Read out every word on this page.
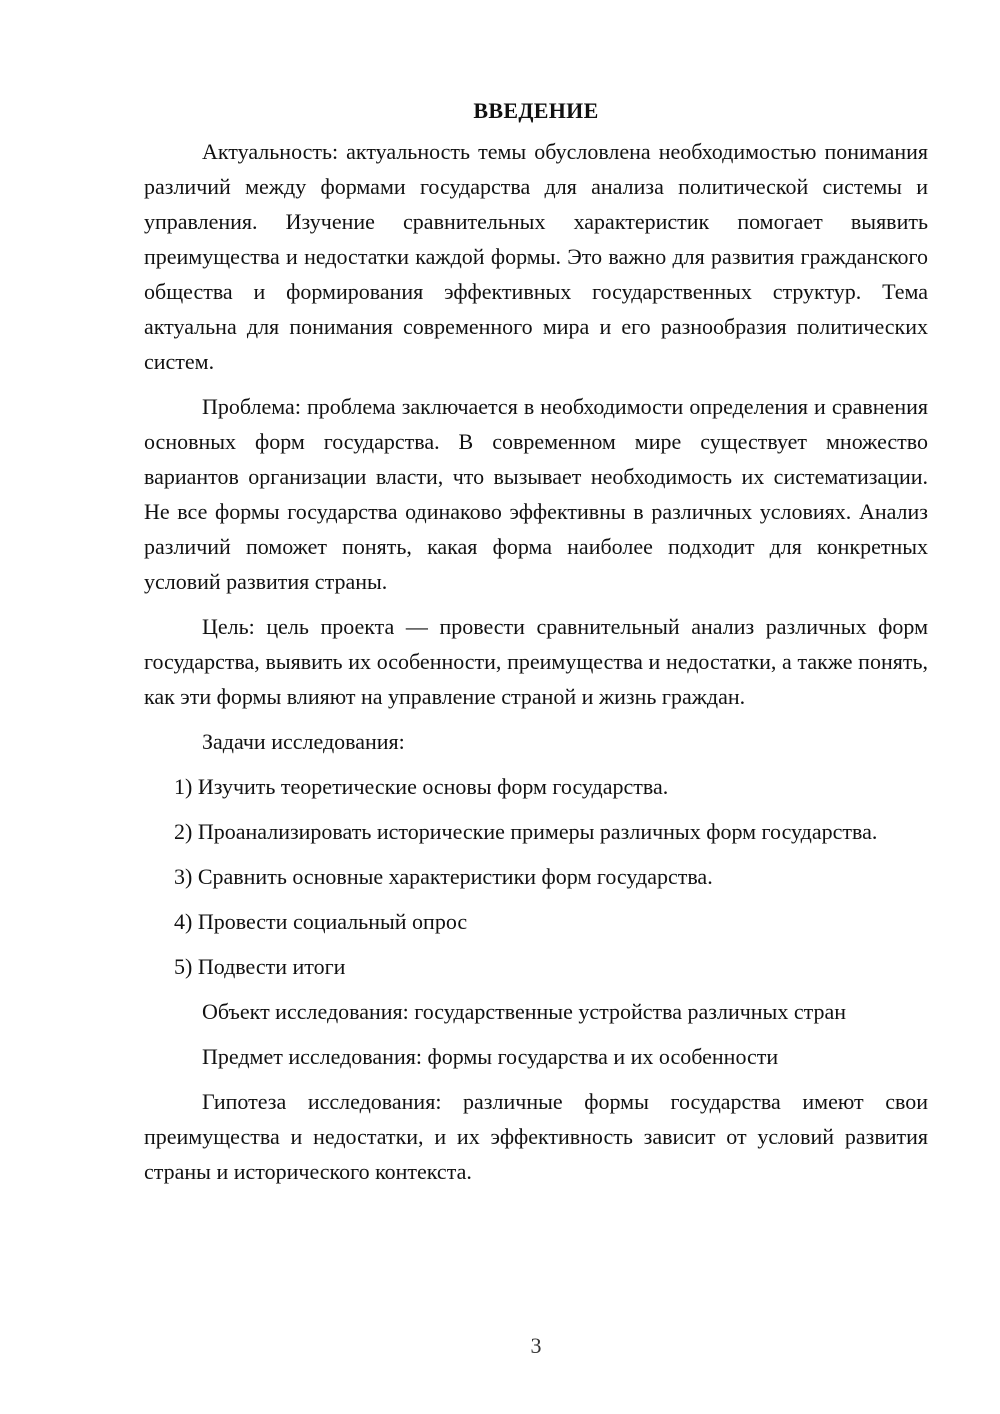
ВВЕДЕНИЕ

Актуальность: актуальность темы обусловлена необходимостью понимания различий между формами государства для анализа политической системы и управления. Изучение сравнительных характеристик помогает выявить преимущества и недостатки каждой формы. Это важно для развития гражданского общества и формирования эффективных государственных структур. Тема актуальна для понимания современного мира и его разнообразия политических систем.

Проблема: проблема заключается в необходимости определения и сравнения основных форм государства. В современном мире существует множество вариантов организации власти, что вызывает необходимость их систематизации. Не все формы государства одинаково эффективны в различных условиях. Анализ различий поможет понять, какая форма наиболее подходит для конкретных условий развития страны.

Цель: цель проекта — провести сравнительный анализ различных форм государства, выявить их особенности, преимущества и недостатки, а также понять, как эти формы влияют на управление страной и жизнь граждан.

Задачи исследования:

1) Изучить теоретические основы форм государства.

2) Проанализировать исторические примеры различных форм государства.

3) Сравнить основные характеристики форм государства.

4) Провести социальный опрос

5) Подвести итоги

Объект исследования: государственные устройства различных стран

Предмет исследования: формы государства и их особенности

Гипотеза исследования: различные формы государства имеют свои преимущества и недостатки, и их эффективность зависит от условий развития страны и исторического контекста.

3
